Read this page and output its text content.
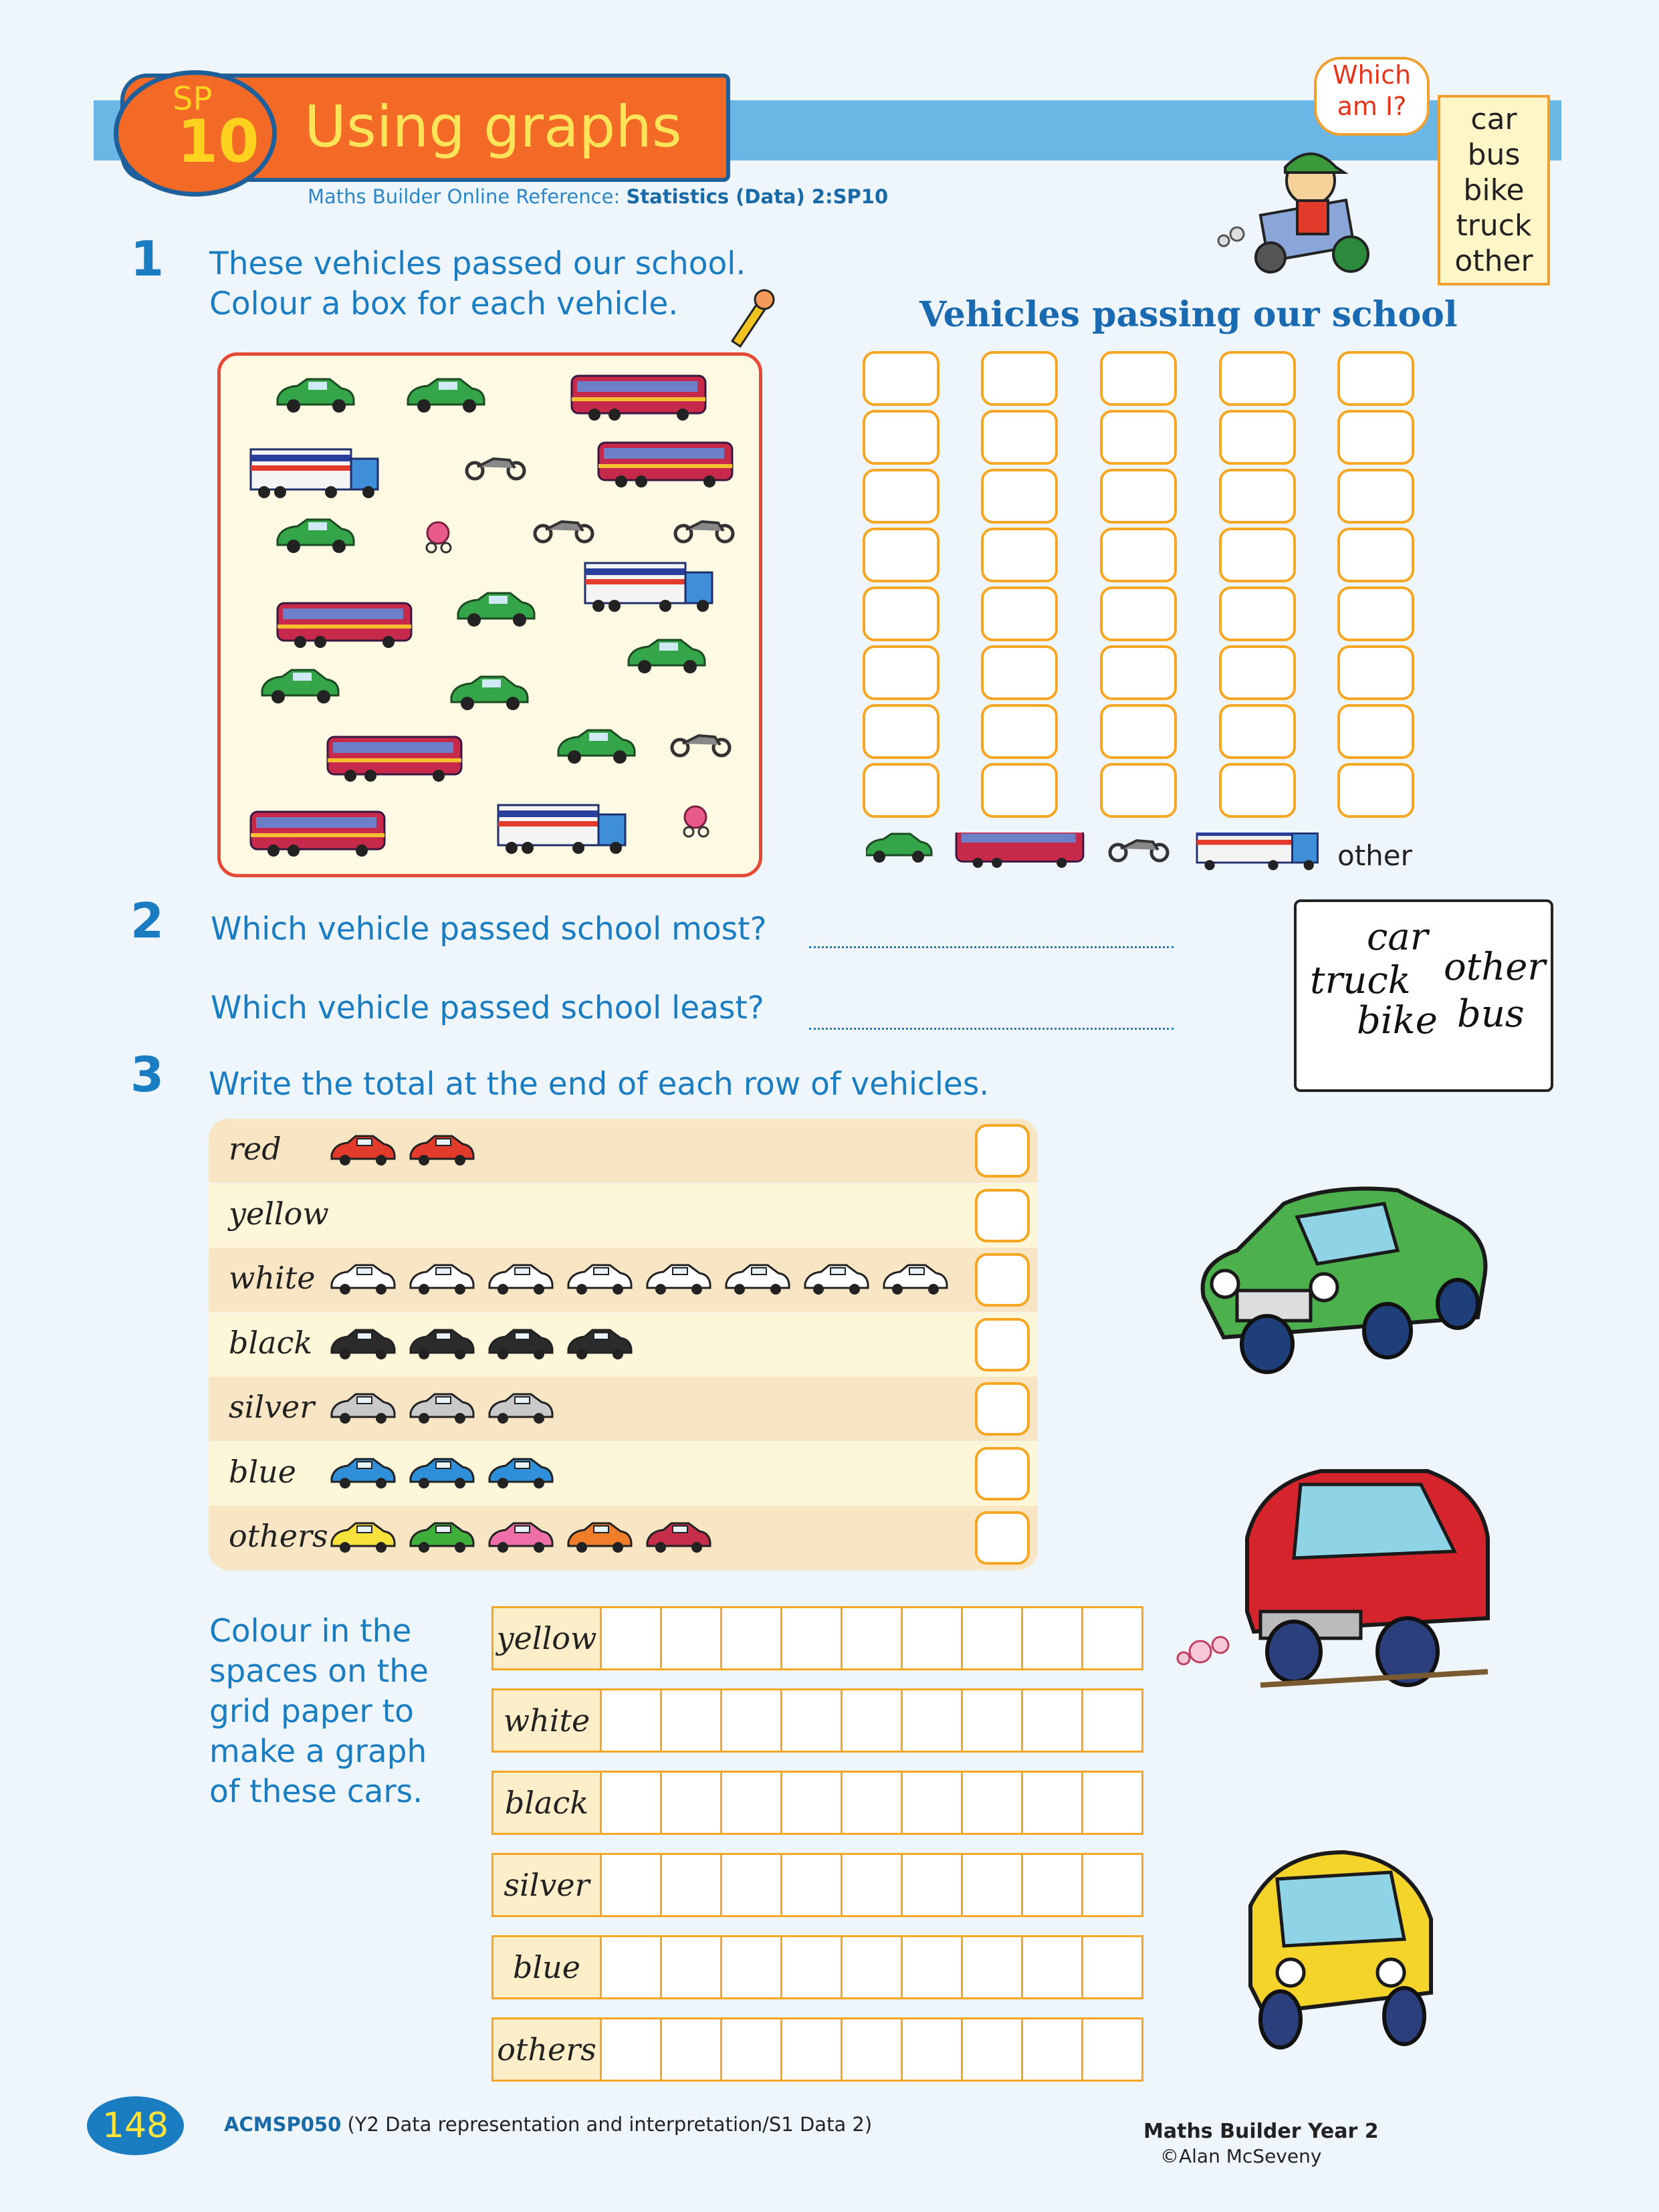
SP
10 Using graphs
Maths Builder Online Reference: Statistics (Data) 2:SP10
Which am I?	car
bus
bike
truck
other
1 These vehicles passed our school.
Colour a box for each vehicle.	Vehicles passing our school
other
2 Which vehicle passed school most?
Which vehicle passed school least?
car
truck other
bike bus
3 Write the total at the end of each row of vehicles.
red
yellow
white
black
silver
blue
others
Colour in the
spaces on the
grid paper to
make a graph
of these cars.
yellow
white
black
silver
blue
others
148	ACMSP050 (Y2 Data representation and interpretation/S1 Data 2)	Maths Builder Year 2
©Alan McSeveny
